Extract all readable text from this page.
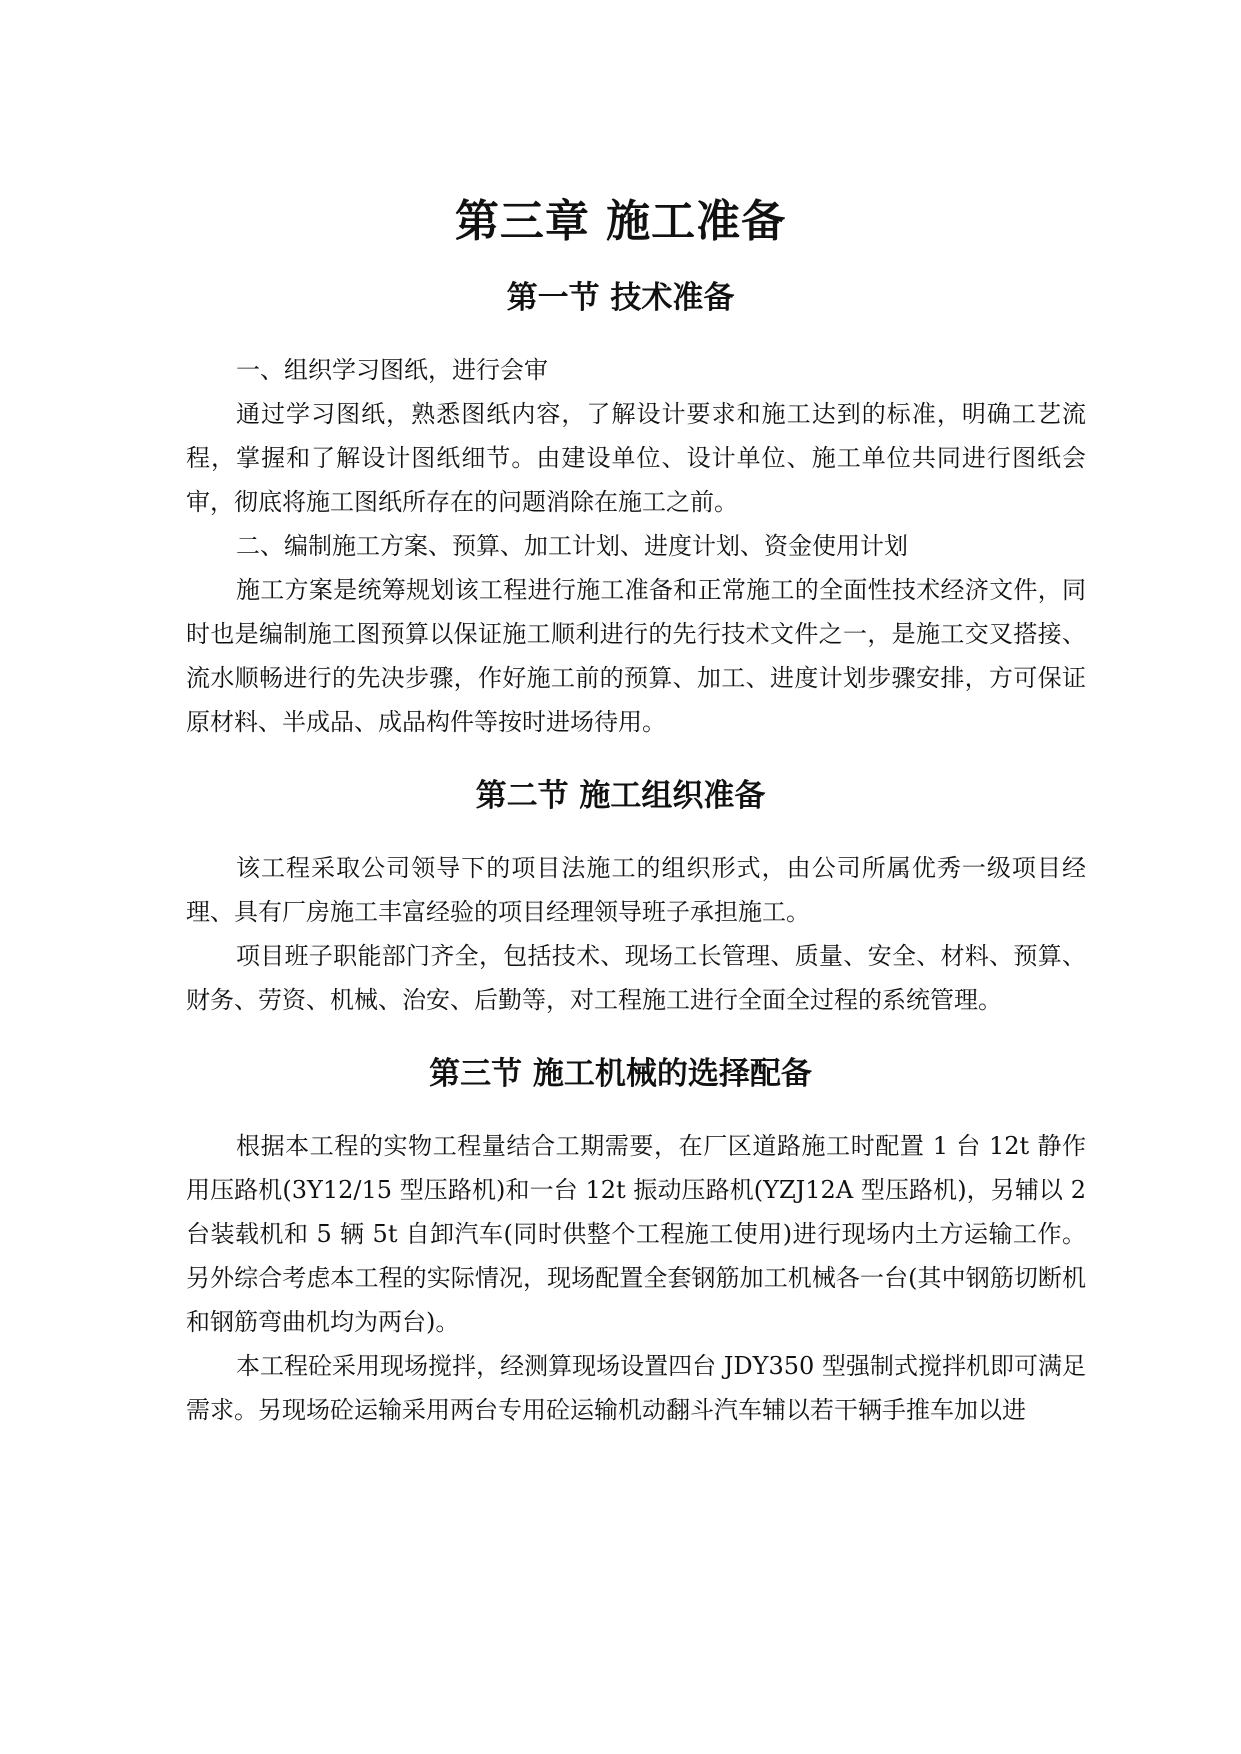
第三章 施工准备
第一节 技术准备

一、组织学习图纸，进行会审

通过学习图纸，熟悉图纸内容，了解设计要求和施工达到的标准，明确工艺流程，掌握和了解设计图纸细节。由建设单位、设计单位、施工单位共同进行图纸会审，彻底将施工图纸所存在的问题消除在施工之前。

二、编制施工方案、预算、加工计划、进度计划、资金使用计划

施工方案是统筹规划该工程进行施工准备和正常施工的全面性技术经济文件，同时也是编制施工图预算以保证施工顺利进行的先行技术文件之一，是施工交叉搭接、流水顺畅进行的先决步骤，作好施工前的预算、加工、进度计划步骤安排，方可保证原材料、半成品、成品构件等按时进场待用。

第二节 施工组织准备

该工程采取公司领导下的项目法施工的组织形式，由公司所属优秀一级项目经理、具有厂房施工丰富经验的项目经理领导班子承担施工。

项目班子职能部门齐全，包括技术、现场工长管理、质量、安全、材料、预算、财务、劳资、机械、治安、后勤等，对工程施工进行全面全过程的系统管理。

第三节 施工机械的选择配备

根据本工程的实物工程量结合工期需要，在厂区道路施工时配置 1 台 12t 静作用压路机(3Y12/15 型压路机)和一台 12t 振动压路机(YZJ12A 型压路机)，另辅以 2 台装载机和 5 辆 5t 自卸汽车(同时供整个工程施工使用)进行现场内土方运输工作。另外综合考虑本工程的实际情况，现场配置全套钢筋加工机械各一台(其中钢筋切断机和钢筋弯曲机均为两台)。

本工程砼采用现场搅拌，经测算现场设置四台 JDY350 型强制式搅拌机即可满足需求。另现场砼运输采用两台专用砼运输机动翻斗汽车辅以若干辆手推车加以进
